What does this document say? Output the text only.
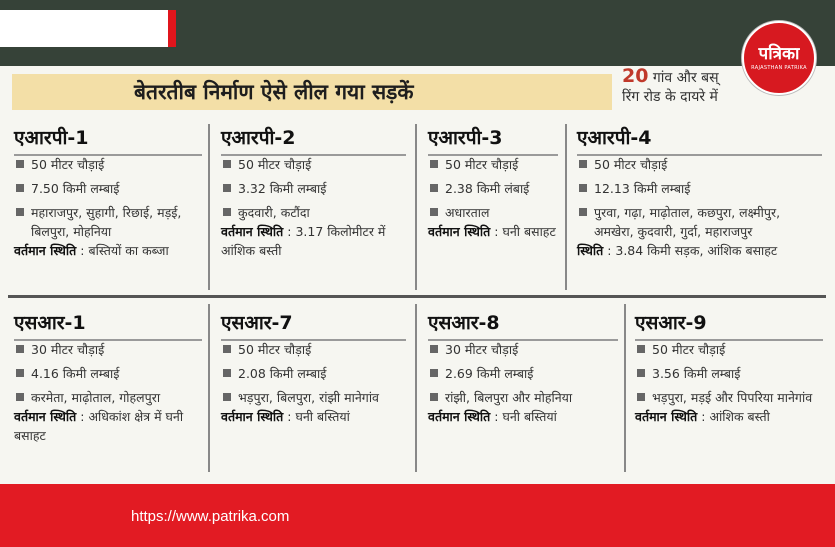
पत्रिका
RAJASTHAN PATRIKA
बेतरतीब निर्माण ऐसे लील गया सड़कें
20 गांव और बस्
रिंग रोड के दायरे में
एआरपी-1
50 मीटर चौड़ाई
7.50 किमी लम्बाई
महाराजपुर, सुहागी, रिछाई, मड़ई, बिलपुरा, मोहनिया
वर्तमान स्थिति : बस्तियों का कब्जा
एआरपी-2
50 मीटर चौड़ाई
3.32 किमी लम्बाई
कुदवारी, कटौंदा
वर्तमान स्थिति : 3.17 किलोमीटर में आंशिक बस्ती
एआरपी-3
50 मीटर चौड़ाई
2.38 किमी लंबाई
अधारताल
वर्तमान स्थिति : घनी बसाहट
एआरपी-4
50 मीटर चौड़ाई
12.13 किमी लम्बाई
पुरवा, गढ़ा, माढ़ोताल, कछपुरा, लक्ष्मीपुर, अमखेरा, कुदवारी, गुर्दा, महाराजपुर
स्थिति : 3.84 किमी सड़क, आंशिक बसाहट
एसआर-1
30 मीटर चौड़ाई
4.16 किमी लम्बाई
करमेता, माढ़ोताल, गोहलपुरा
वर्तमान स्थिति : अधिकांश क्षेत्र में घनी बसाहट
एसआर-7
50 मीटर चौड़ाई
2.08 किमी लम्बाई
भड़पुरा, बिलपुरा, रांझी मानेगांव
वर्तमान स्थिति : घनी बस्तियां
एसआर-8
30 मीटर चौड़ाई
2.69 किमी लम्बाई
रांझी, बिलपुरा और मोहनिया
वर्तमान स्थिति : घनी बस्तियां
एसआर-9
50 मीटर चौड़ाई
3.56 किमी लम्बाई
भड़पुरा, मड़ई और पिपरिया मानेगांव
वर्तमान स्थिति : आंशिक बस्ती
https://www.patrika.com
